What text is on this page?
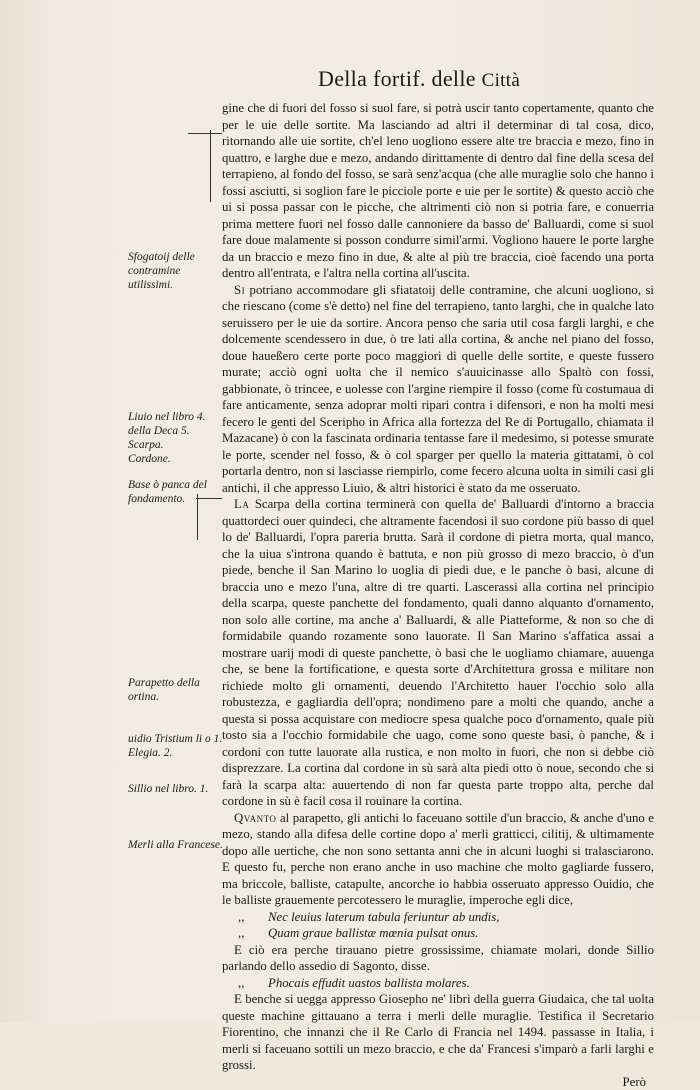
Della fortif. delle Città

gine che di fuori del fosso si suol fare, si potrà uscir tanto copertamente, quanto che per le uie delle sortite. Ma lasciando ad altri il determinar di tal cosa, dico, ritornando alle uie sortite, ch'el leno uogliono essere alte tre braccia e mezo, fino in quattro, e larghe due e mezo, andando dirittamente di dentro dal fine della scesa del terrapieno, al fondo del fosso, se sarà senz'acqua (che alle muraglie solo che hanno i fossi asciutti, si soglion fare le picciole porte e uie per le sortite) & questo acciò che ui si possa passar con le picche, che altrimenti ciò non si potria fare, e conuerria prima mettere fuori nel fosso dalle cannoniere da basso de' Balluardi, come si suol fare doue malamente si posson condurre simil'armi. Vogliono hauere le porte larghe da un braccio e mezo fino in due, & alte al più tre braccia, cioè facendo una porta dentro all'entrata, e l'altra nella cortina all'uscita.

Si potriano accommodare gli sfiatatoij delle contramine, che alcuni uogliono, si che riescano (come s'è detto) nel fine del terrapieno, tanto larghi, che in qualche lato seruissero per le uie da sortire. Ancora penso che saria util cosa fargli larghi, e che dolcemente scendessero in due, ò tre lati alla cortina, & anche nel piano del fosso, doue haueßero certe porte poco maggiori di quelle delle sortite, e queste fussero murate; acciò ogni uolta che il nemico s'auuicinasse allo Spaltò con fossi, gabbionate, ò trincee, e uolesse con l'argine riempire il fosso (come fù costumaua di fare anticamente, senza adoprar molti ripari contra i difensori, e non ha molti mesi fecero le genti del Sceripho in Africa alla fortezza del Re di Portugallo, chiamata il Mazacane) ò con la fascinata ordinaria tentasse fare il medesimo, si potesse smurate le porte, scender nel fosso, & ò col sparger per quello la materia gittatami, ò col portarla dentro, non si lasciasse riempirlo, come fecero alcuna uolta in simili casi gli antichi, il che appresso Liuio, & altri historici è stato da me osseruato.

La Scarpa della cortina terminerà con quella de' Balluardi d'intorno a braccia quattordeci ouer quindeci, che altramente facendosi il suo cordone più basso di quel lo de' Balluardi, l'opra pareria brutta. Sarà il cordone di pietra morta, qual manco, che la uiua s'introna quando è battuta, e non più grosso di mezo braccio, ò d'un piede, benche il San Marino lo uoglia di piedi due, e le panche ò basi, alcune di braccia uno e mezo l'una, altre di tre quarti. Lascerassi alla cortina nel principio della scarpa, queste panchette del fondamento, quali danno alquanto d'ornamento, non solo alle cortine, ma anche a' Balluardi, & alle Piatteforme, & non so che di formidabile quando rozamente sono lauorate. Il San Marino s'affatica assai a mostrare uarij modi di queste panchette, ò basi che le uogliamo chiamare, auuenga che, se bene la fortificatione, e questa sorte d'Architettura grossa e militare non richiede molto gli ornamenti, deuendo l'Architetto hauer l'occhio solo alla robustezza, e gagliardia dell'opra; nondimeno pare a molti che quando, anche a questa si possa acquistare con mediocre spesa qualche poco d'ornamento, quale più tosto sia a l'occhio formidabile che uago, come sono queste basi, ò panche, & i cordoni con tutte lauorate alla rustica, e non molto in fuori, che non si debbe ciò disprezzare. La cortina dal cordone in sù sarà alta piedi otto ò noue, secondo che si farà la scarpa alta: auuertendo di non far questa parte troppo alta, perche dal cordone in sù è facil cosa il rouinare la cortina.

Qvanto al parapetto, gli antichi lo faceuano sottile d'un braccio, & anche d'uno e mezo, stando alla difesa delle cortine dopo a' merli gratticci, cilitij, & ultimamente dopo alle uertiche, che non sono settanta anni che in alcuni luoghi si tralasciarono. E questo fu, perche non erano anche in uso machine che molto gagliarde fussero, ma briccole, balliste, catapulte, ancorche io habbia osseruato appresso Ouidio, che le balliste grauemente percotessero le muraglie, imperoche egli dice,

,, Nec leuius laterum tabula feriuntur ab undis,

,, Quam graue ballistæ mœnia pulsat onus.

E ciò era perche tirauano pietre grossissime, chiamate molari, donde Sillio parlando dello assedio di Sagonto, disse.

,, Phocais effudit uastos ballista molares.

E benche si uegga appresso Giosepho ne' libri della guerra Giudaica, che tal uolta queste machine gittauano a terra i merli delle muraglie. Testifica il Secretario Fiorentino, che innanzi che il Re Carlo di Francia nel 1494. passasse in Italia, i merli si faceuano sottili un mezo braccio, e che da' Francesi s'imparò a farli larghi e grossi.

Però

Sfogatoij delle contramine utilissimi.
Liuio nel libro 4. della Deca 5.
Scarpa.
Cordone.
Base ò panca del fondamento.
Parapetto della ortina.
uidio Tristium li o 1. Elegia. 2.
Sillio nel libro. 1.
Merli alla Francese.
